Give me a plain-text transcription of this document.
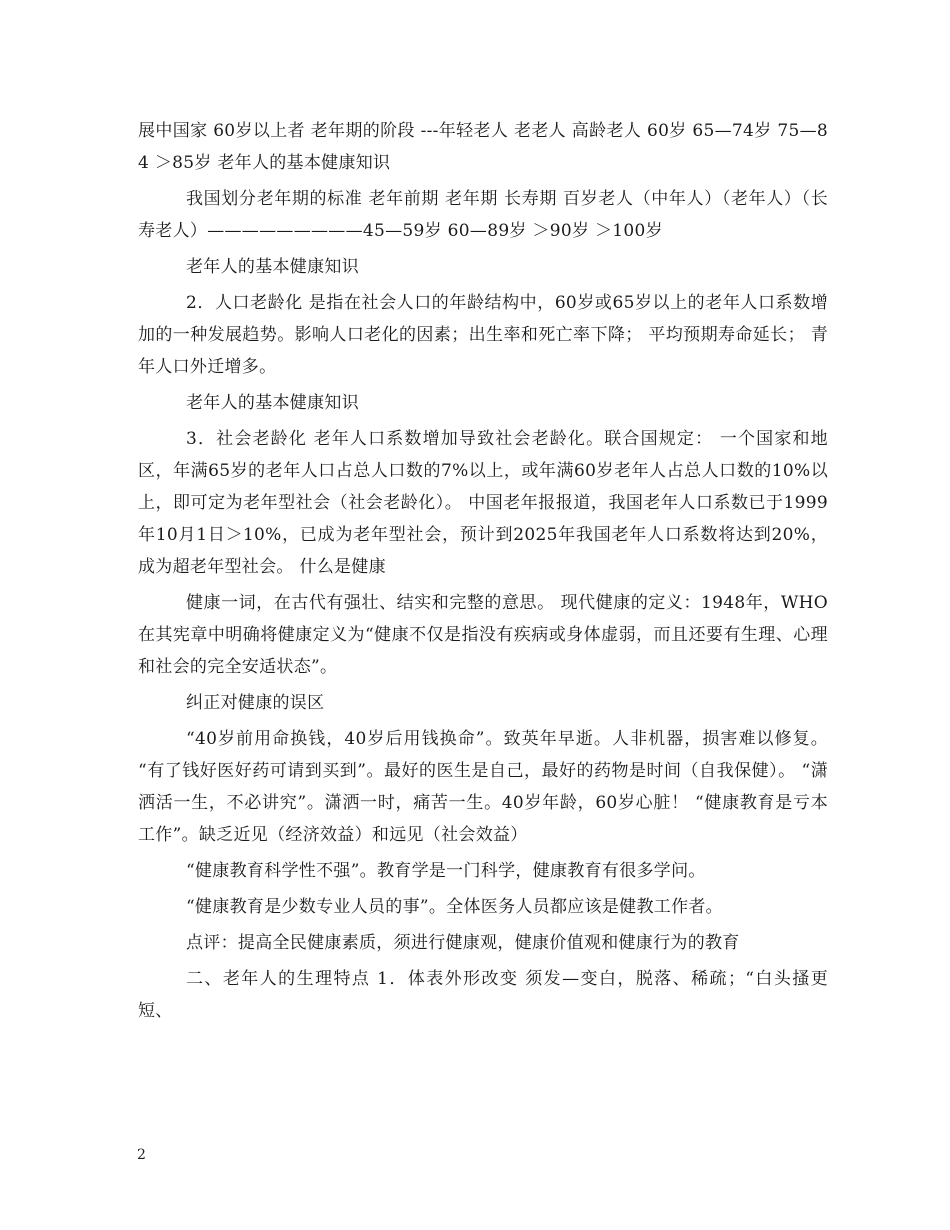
展中国家 60岁以上者 老年期的阶段 ---年轻老人 老老人 高龄老人 60岁 65—74岁 75—84 ＞85岁 老年人的基本健康知识

我国划分老年期的标准 老年前期 老年期 长寿期 百岁老人（中年人）（老年人）（长寿老人）—————————45—59岁 60—89岁 ＞90岁 ＞100岁

老年人的基本健康知识

2．人口老龄化 是指在社会人口的年龄结构中，60岁或65岁以上的老年人口系数增加的一种发展趋势。影响人口老化的因素；出生率和死亡率下降； 平均预期寿命延长； 青年人口外迁增多。

老年人的基本健康知识

3．社会老龄化 老年人口系数增加导致社会老龄化。联合国规定： 一个国家和地区，年满65岁的老年人口占总人口数的7%以上，或年满60岁老年人占总人口数的10%以上，即可定为老年型社会（社会老龄化）。 中国老年报报道，我国老年人口系数已于1999年10月1日＞10%，已成为老年型社会，预计到2025年我国老年人口系数将达到20%，成为超老年型社会。 什么是健康

健康一词，在古代有强壮、结实和完整的意思。 现代健康的定义：1948年，WHO在其宪章中明确将健康定义为“健康不仅是指没有疾病或身体虚弱，而且还要有生理、心理和社会的完全安适状态”。

纠正对健康的误区

“40岁前用命换钱，40岁后用钱换命”。致英年早逝。人非机器，损害难以修复。 “有了钱好医好药可请到买到”。最好的医生是自己，最好的药物是时间（自我保健）。 “潇洒活一生，不必讲究”。潇洒一时，痛苦一生。40岁年龄，60岁心脏！ “健康教育是亏本工作”。缺乏近见（经济效益）和远见（社会效益）

“健康教育科学性不强”。教育学是一门科学，健康教育有很多学问。

“健康教育是少数专业人员的事”。全体医务人员都应该是健教工作者。

点评：提高全民健康素质，须进行健康观，健康价值观和健康行为的教育

二、老年人的生理特点 1．体表外形改变 须发—变白，脱落、稀疏；“白头搔更 短、

2
